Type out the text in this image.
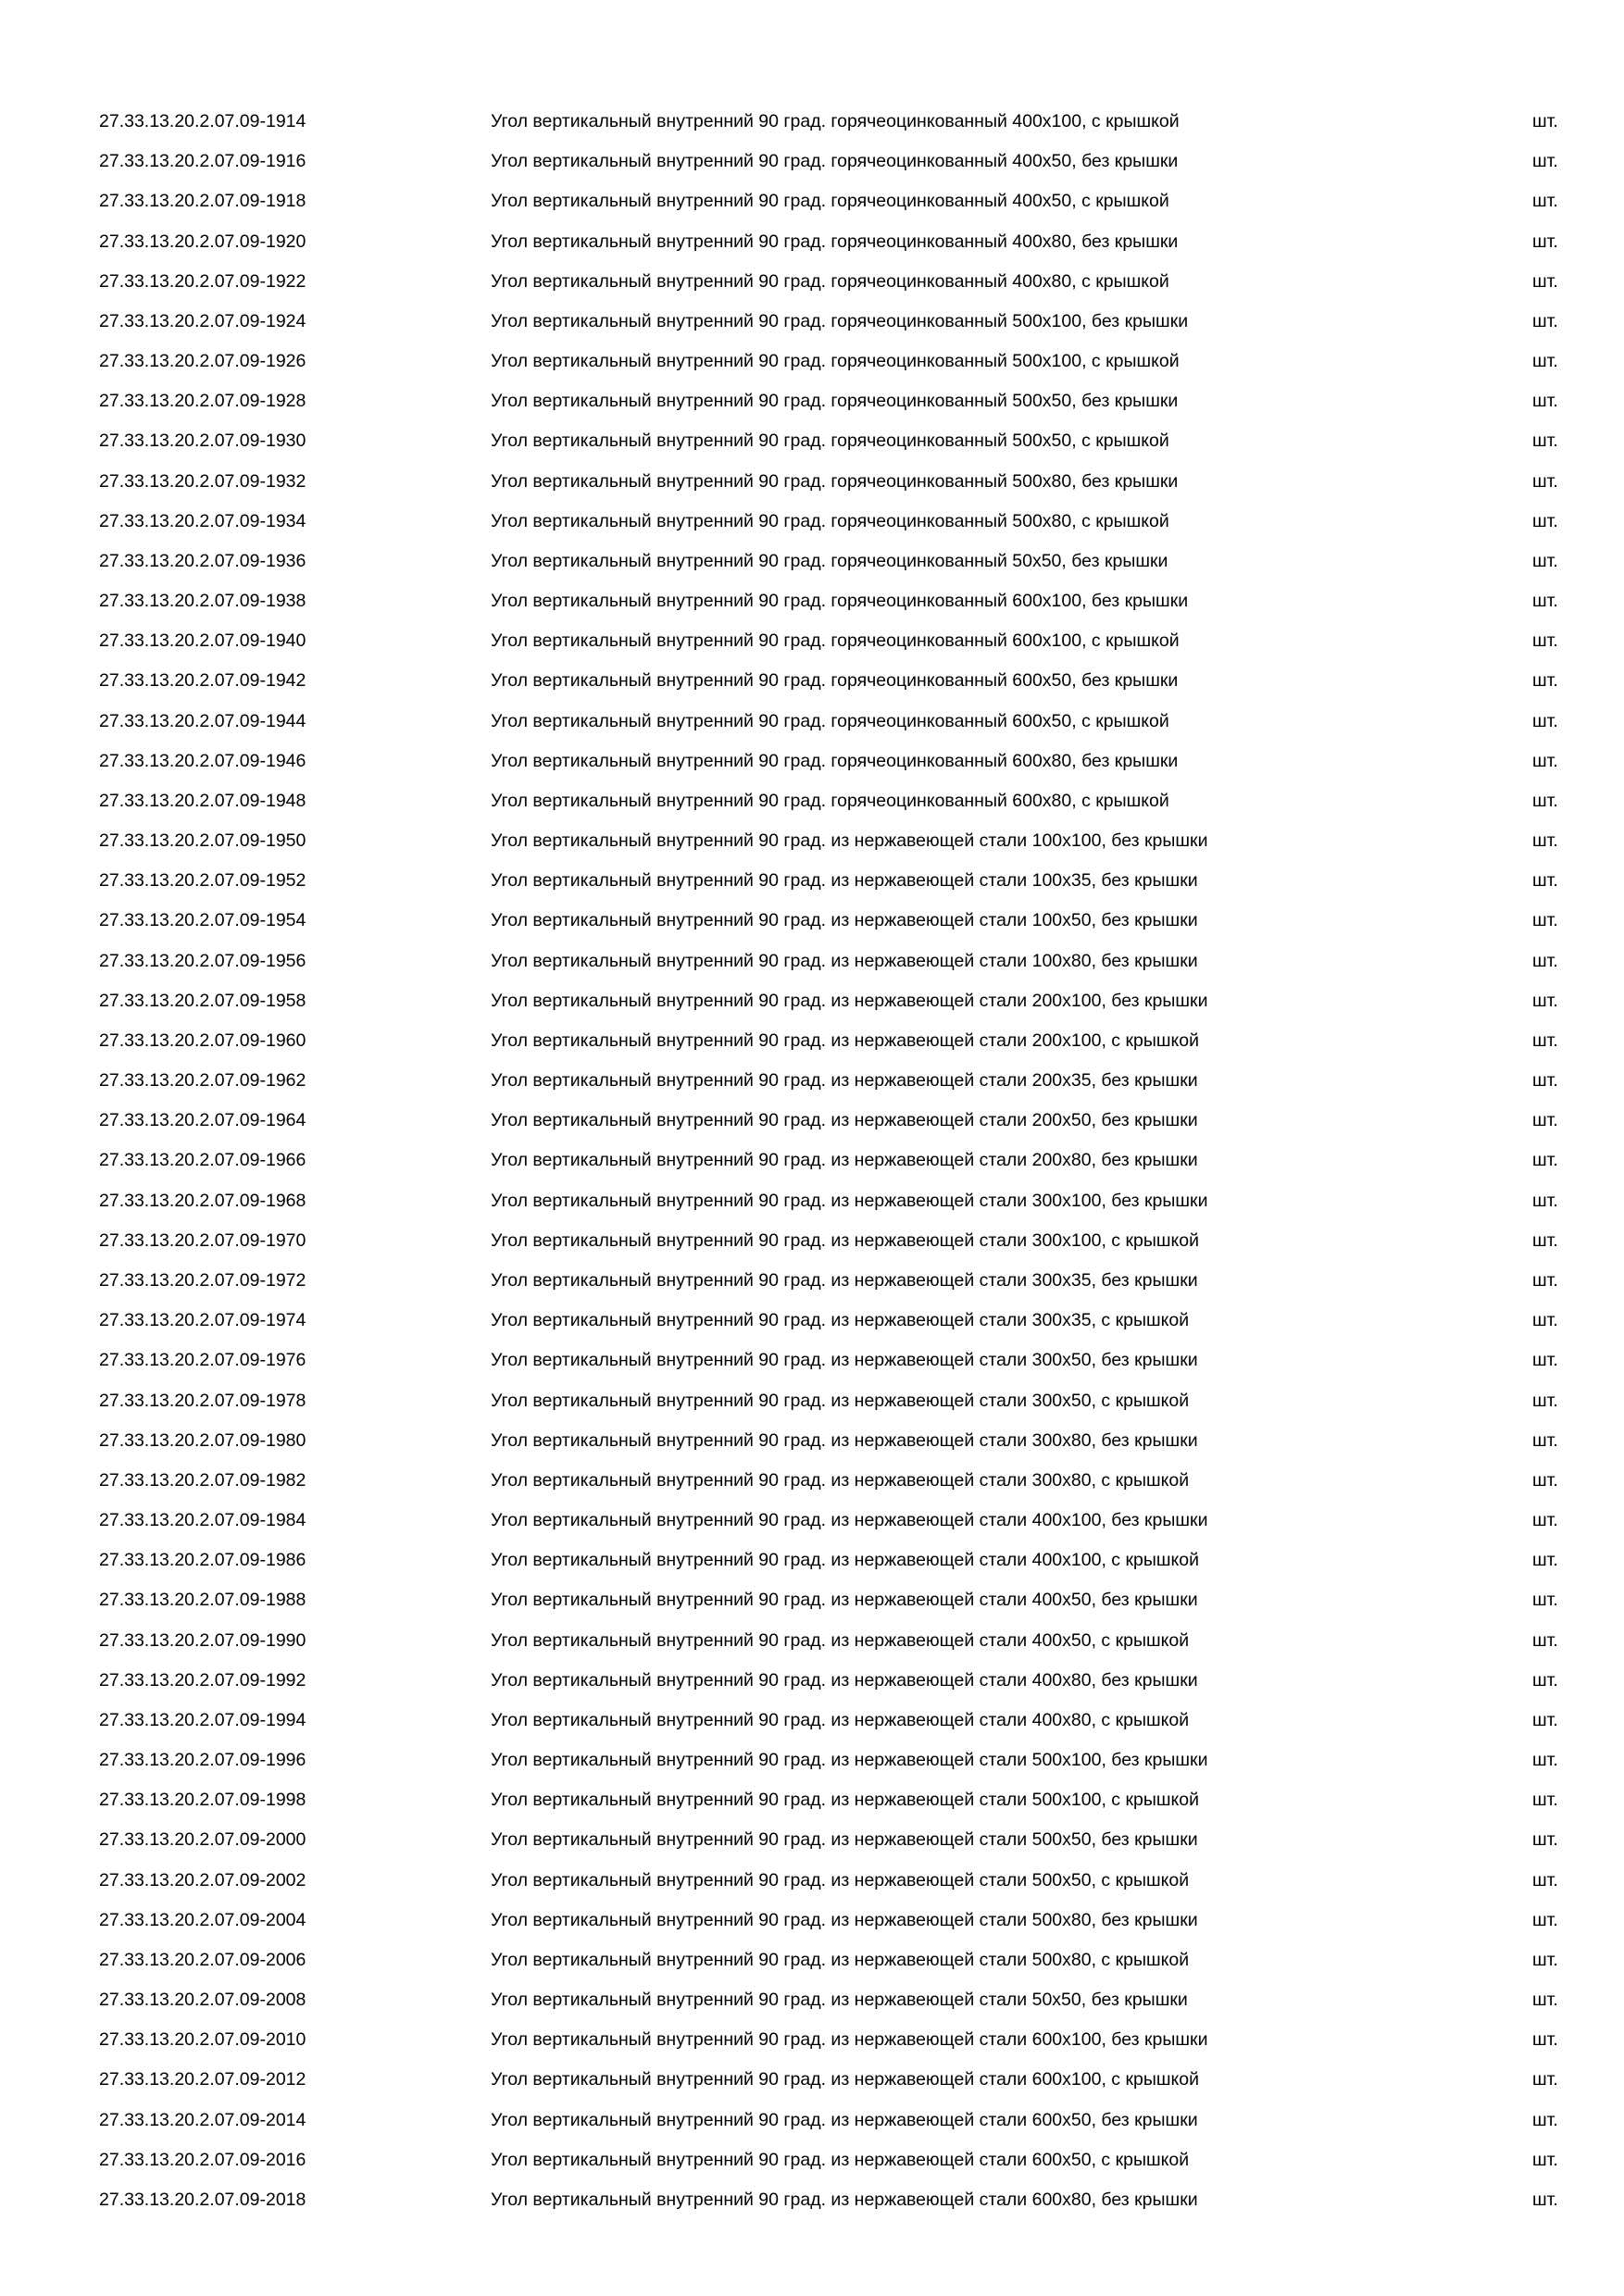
27.33.13.20.2.07.09-1914	Угол вертикальный внутренний 90 град. горячеоцинкованный 400х100, с крышкой	шт.
27.33.13.20.2.07.09-1916	Угол вертикальный внутренний 90 град. горячеоцинкованный 400х50, без крышки	шт.
27.33.13.20.2.07.09-1918	Угол вертикальный внутренний 90 град. горячеоцинкованный 400х50, с крышкой	шт.
27.33.13.20.2.07.09-1920	Угол вертикальный внутренний 90 град. горячеоцинкованный 400х80, без крышки	шт.
27.33.13.20.2.07.09-1922	Угол вертикальный внутренний 90 град. горячеоцинкованный 400х80, с крышкой	шт.
27.33.13.20.2.07.09-1924	Угол вертикальный внутренний 90 град. горячеоцинкованный 500х100, без крышки	шт.
27.33.13.20.2.07.09-1926	Угол вертикальный внутренний 90 град. горячеоцинкованный 500х100, с крышкой	шт.
27.33.13.20.2.07.09-1928	Угол вертикальный внутренний 90 град. горячеоцинкованный 500х50, без крышки	шт.
27.33.13.20.2.07.09-1930	Угол вертикальный внутренний 90 град. горячеоцинкованный 500х50, с крышкой	шт.
27.33.13.20.2.07.09-1932	Угол вертикальный внутренний 90 град. горячеоцинкованный 500х80, без крышки	шт.
27.33.13.20.2.07.09-1934	Угол вертикальный внутренний 90 град. горячеоцинкованный 500х80, с крышкой	шт.
27.33.13.20.2.07.09-1936	Угол вертикальный внутренний 90 град. горячеоцинкованный 50х50, без крышки	шт.
27.33.13.20.2.07.09-1938	Угол вертикальный внутренний 90 град. горячеоцинкованный 600х100, без крышки	шт.
27.33.13.20.2.07.09-1940	Угол вертикальный внутренний 90 град. горячеоцинкованный 600х100, с крышкой	шт.
27.33.13.20.2.07.09-1942	Угол вертикальный внутренний 90 град. горячеоцинкованный 600х50, без крышки	шт.
27.33.13.20.2.07.09-1944	Угол вертикальный внутренний 90 град. горячеоцинкованный 600х50, с крышкой	шт.
27.33.13.20.2.07.09-1946	Угол вертикальный внутренний 90 град. горячеоцинкованный 600х80, без крышки	шт.
27.33.13.20.2.07.09-1948	Угол вертикальный внутренний 90 град. горячеоцинкованный 600х80, с крышкой	шт.
27.33.13.20.2.07.09-1950	Угол вертикальный внутренний 90 град. из нержавеющей стали 100х100, без крышки	шт.
27.33.13.20.2.07.09-1952	Угол вертикальный внутренний 90 град. из нержавеющей стали 100х35, без крышки	шт.
27.33.13.20.2.07.09-1954	Угол вертикальный внутренний 90 град. из нержавеющей стали 100х50, без крышки	шт.
27.33.13.20.2.07.09-1956	Угол вертикальный внутренний 90 град. из нержавеющей стали 100х80, без крышки	шт.
27.33.13.20.2.07.09-1958	Угол вертикальный внутренний 90 град. из нержавеющей стали 200х100, без крышки	шт.
27.33.13.20.2.07.09-1960	Угол вертикальный внутренний 90 град. из нержавеющей стали 200х100, с крышкой	шт.
27.33.13.20.2.07.09-1962	Угол вертикальный внутренний 90 град. из нержавеющей стали 200х35, без крышки	шт.
27.33.13.20.2.07.09-1964	Угол вертикальный внутренний 90 град. из нержавеющей стали 200х50, без крышки	шт.
27.33.13.20.2.07.09-1966	Угол вертикальный внутренний 90 град. из нержавеющей стали 200х80, без крышки	шт.
27.33.13.20.2.07.09-1968	Угол вертикальный внутренний 90 град. из нержавеющей стали 300х100, без крышки	шт.
27.33.13.20.2.07.09-1970	Угол вертикальный внутренний 90 град. из нержавеющей стали 300х100, с крышкой	шт.
27.33.13.20.2.07.09-1972	Угол вертикальный внутренний 90 град. из нержавеющей стали 300х35, без крышки	шт.
27.33.13.20.2.07.09-1974	Угол вертикальный внутренний 90 град. из нержавеющей стали 300х35, с крышкой	шт.
27.33.13.20.2.07.09-1976	Угол вертикальный внутренний 90 град. из нержавеющей стали 300х50, без крышки	шт.
27.33.13.20.2.07.09-1978	Угол вертикальный внутренний 90 град. из нержавеющей стали 300х50, с крышкой	шт.
27.33.13.20.2.07.09-1980	Угол вертикальный внутренний 90 град. из нержавеющей стали 300х80, без крышки	шт.
27.33.13.20.2.07.09-1982	Угол вертикальный внутренний 90 град. из нержавеющей стали 300х80, с крышкой	шт.
27.33.13.20.2.07.09-1984	Угол вертикальный внутренний 90 град. из нержавеющей стали 400х100, без крышки	шт.
27.33.13.20.2.07.09-1986	Угол вертикальный внутренний 90 град. из нержавеющей стали 400х100, с крышкой	шт.
27.33.13.20.2.07.09-1988	Угол вертикальный внутренний 90 град. из нержавеющей стали 400х50, без крышки	шт.
27.33.13.20.2.07.09-1990	Угол вертикальный внутренний 90 град. из нержавеющей стали 400х50, с крышкой	шт.
27.33.13.20.2.07.09-1992	Угол вертикальный внутренний 90 град. из нержавеющей стали 400х80, без крышки	шт.
27.33.13.20.2.07.09-1994	Угол вертикальный внутренний 90 град. из нержавеющей стали 400х80, с крышкой	шт.
27.33.13.20.2.07.09-1996	Угол вертикальный внутренний 90 град. из нержавеющей стали 500х100, без крышки	шт.
27.33.13.20.2.07.09-1998	Угол вертикальный внутренний 90 град. из нержавеющей стали 500х100, с крышкой	шт.
27.33.13.20.2.07.09-2000	Угол вертикальный внутренний 90 град. из нержавеющей стали 500х50, без крышки	шт.
27.33.13.20.2.07.09-2002	Угол вертикальный внутренний 90 град. из нержавеющей стали 500х50, с крышкой	шт.
27.33.13.20.2.07.09-2004	Угол вертикальный внутренний 90 град. из нержавеющей стали 500х80, без крышки	шт.
27.33.13.20.2.07.09-2006	Угол вертикальный внутренний 90 град. из нержавеющей стали 500х80, с крышкой	шт.
27.33.13.20.2.07.09-2008	Угол вертикальный внутренний 90 град. из нержавеющей стали 50х50, без крышки	шт.
27.33.13.20.2.07.09-2010	Угол вертикальный внутренний 90 град. из нержавеющей стали 600х100, без крышки	шт.
27.33.13.20.2.07.09-2012	Угол вертикальный внутренний 90 град. из нержавеющей стали 600х100, с крышкой	шт.
27.33.13.20.2.07.09-2014	Угол вертикальный внутренний 90 град. из нержавеющей стали 600х50, без крышки	шт.
27.33.13.20.2.07.09-2016	Угол вертикальный внутренний 90 град. из нержавеющей стали 600х50, с крышкой	шт.
27.33.13.20.2.07.09-2018	Угол вертикальный внутренний 90 град. из нержавеющей стали 600х80, без крышки	шт.
